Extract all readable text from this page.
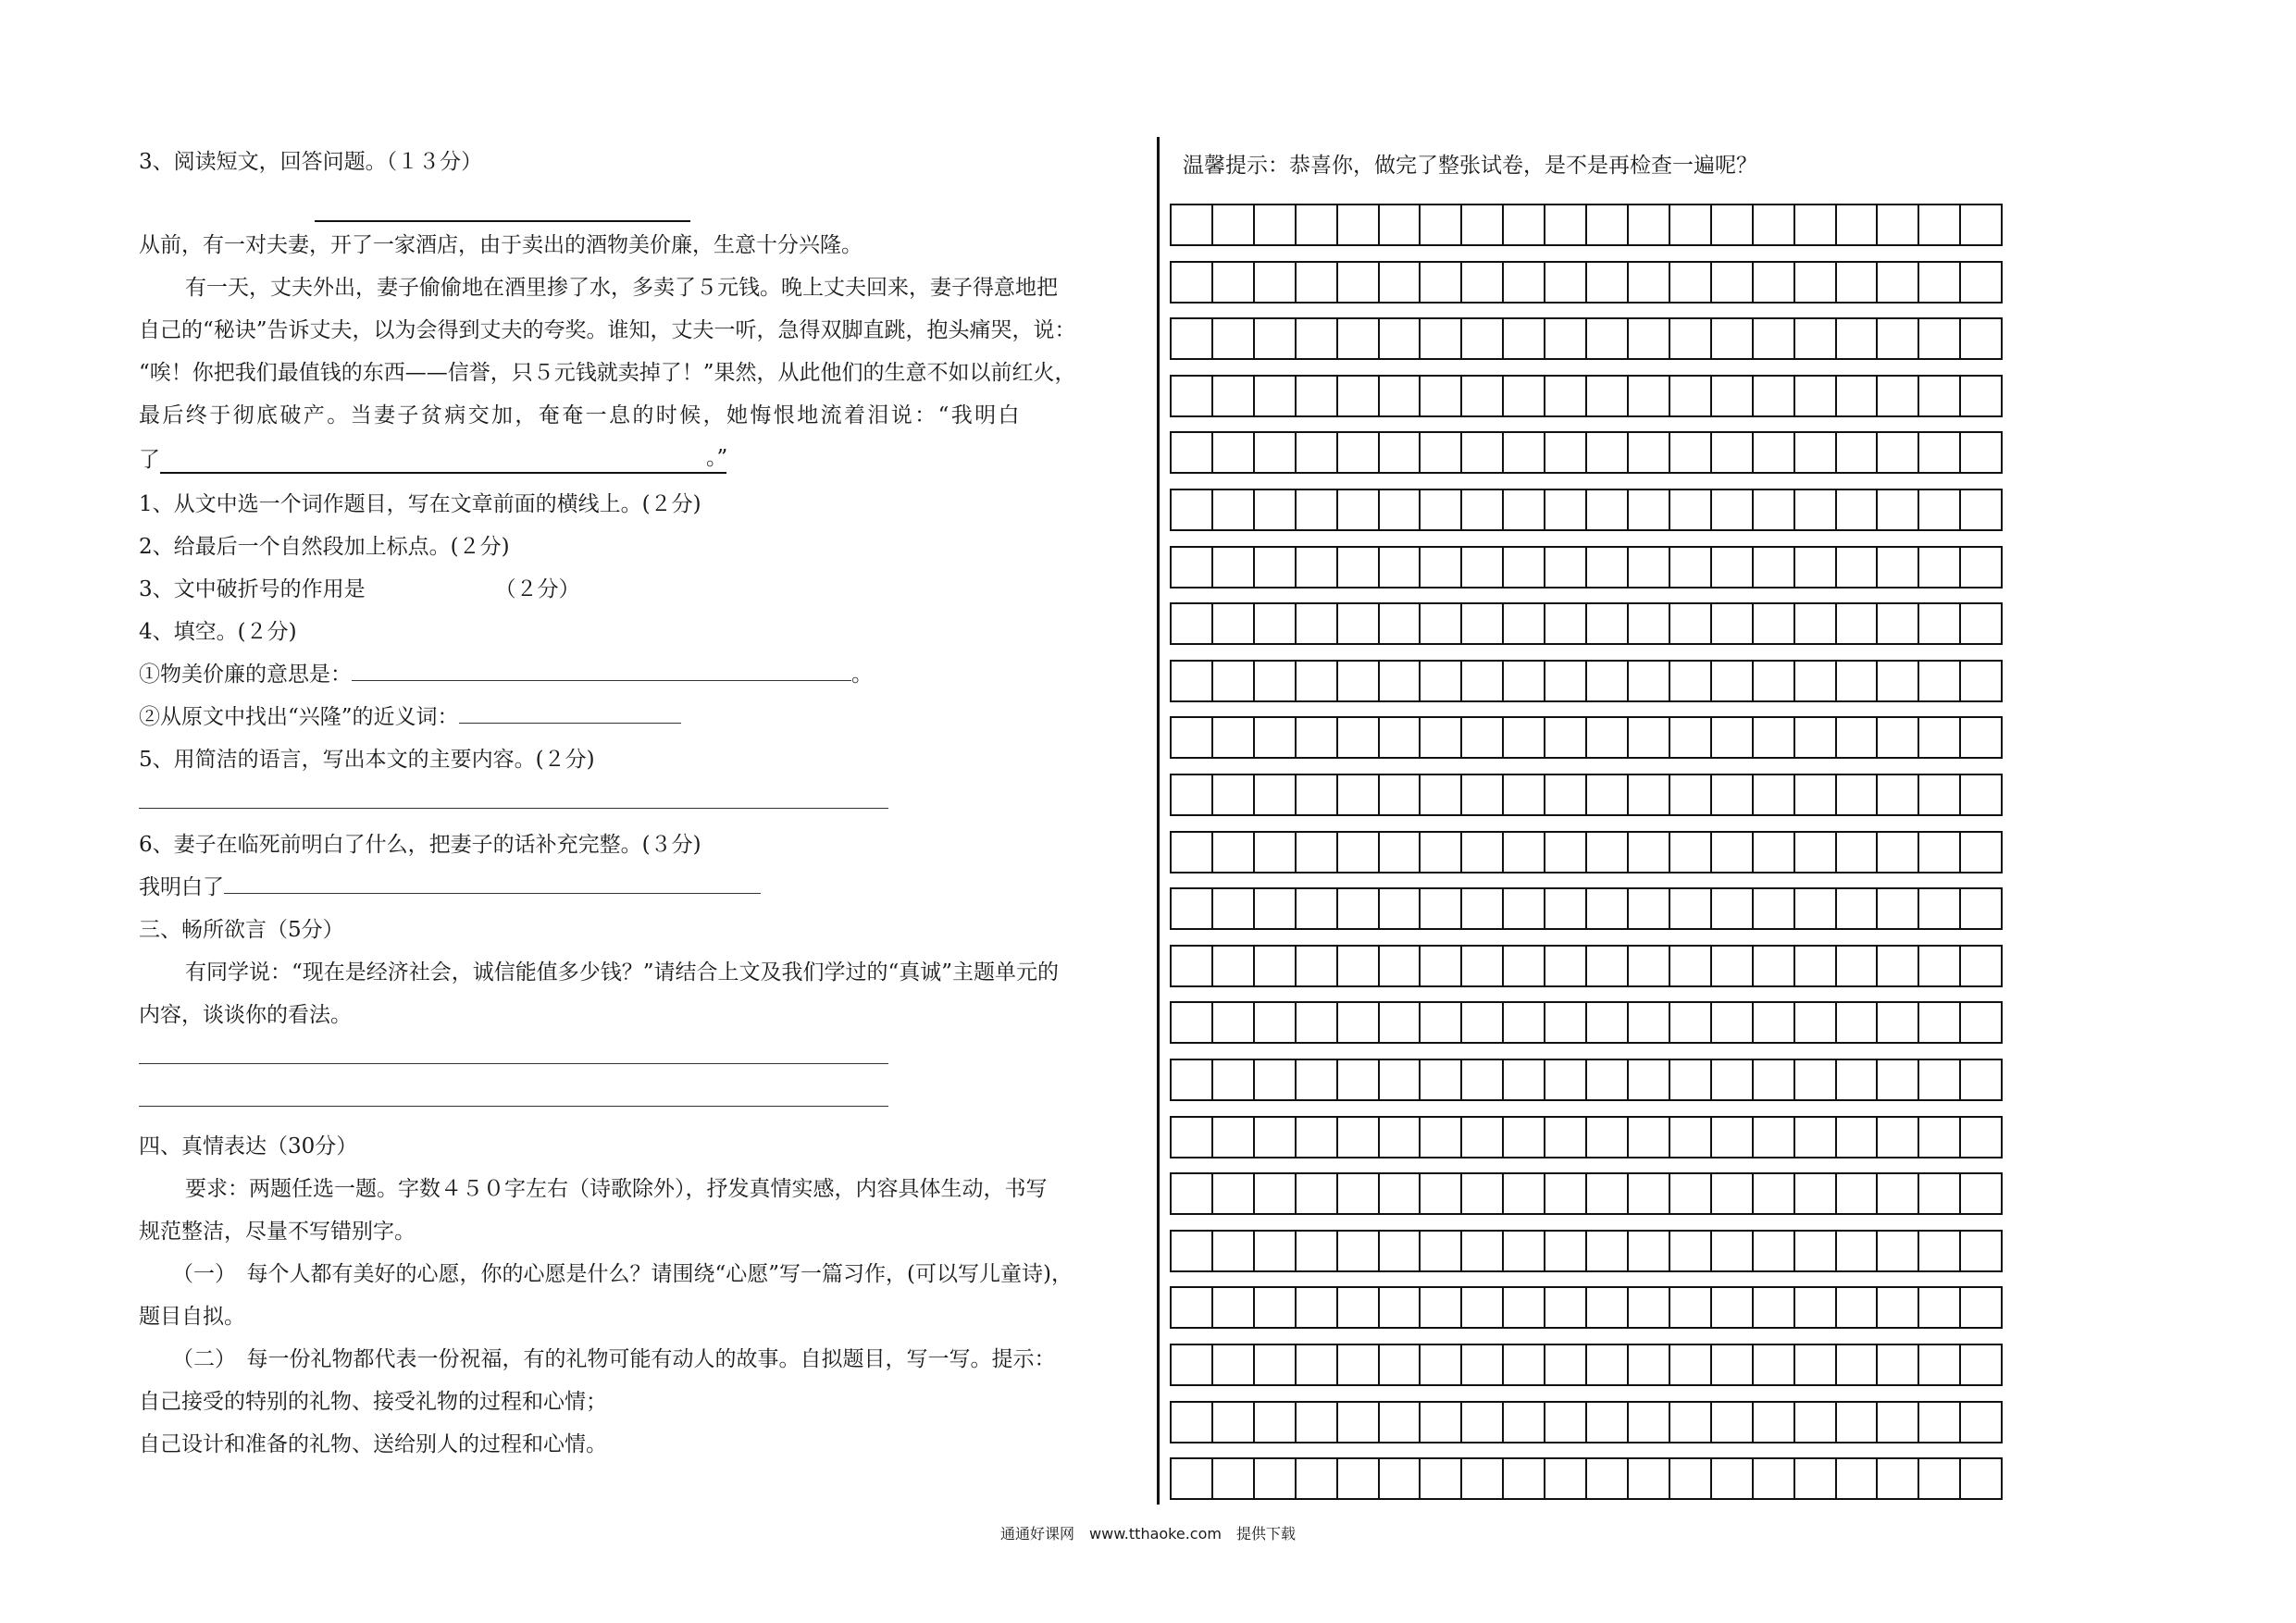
3、阅读短文，回答问题。（１３分）
从前，有一对夫妻，开了一家酒店，由于卖出的酒物美价廉，生意十分兴隆。
有一天，丈夫外出，妻子偷偷地在酒里掺了水，多卖了５元钱。晚上丈夫回来，妻子得意地把
自己的“秘诀”告诉丈夫，以为会得到丈夫的夸奖。谁知，丈夫一听，急得双脚直跳，抱头痛哭，说：
“唉！你把我们最值钱的东西——信誉，只５元钱就卖掉了！”果然，从此他们的生意不如以前红火，
最后终于彻底破产。当妻子贫病交加，奄奄一息的时候，她悔恨地流着泪说：“我明白
了	。”
1、从文中选一个词作题目，写在文章前面的横线上。(２分)
2、给最后一个自然段加上标点。(２分)
3、文中破折号的作用是	（２分）
4、填空。(２分)
①物美价廉的意思是：	。
②从原文中找出“兴隆”的近义词：
5、用简洁的语言，写出本文的主要内容。(２分)
6、妻子在临死前明白了什么，把妻子的话补充完整。(３分)
我明白了
三、畅所欲言（5分）
有同学说：“现在是经济社会，诚信能值多少钱？”请结合上文及我们学过的“真诚”主题单元的
内容，谈谈你的看法。
四、真情表达（30分）
要求：两题任选一题。字数４５０字左右（诗歌除外），抒发真情实感，内容具体生动，书写
规范整洁，尽量不写错别字。
（一）　每个人都有美好的心愿，你的心愿是什么？请围绕“心愿”写一篇习作，(可以写儿童诗)，
题目自拟。
（二）　每一份礼物都代表一份祝福，有的礼物可能有动人的故事。自拟题目，写一写。提示：
自己接受的特别的礼物、接受礼物的过程和心情；
自己设计和准备的礼物、送给别人的过程和心情。
温馨提示：恭喜你，做完了整张试卷，是不是再检查一遍呢？
通通好课网　www.tthaoke.com　提供下载
